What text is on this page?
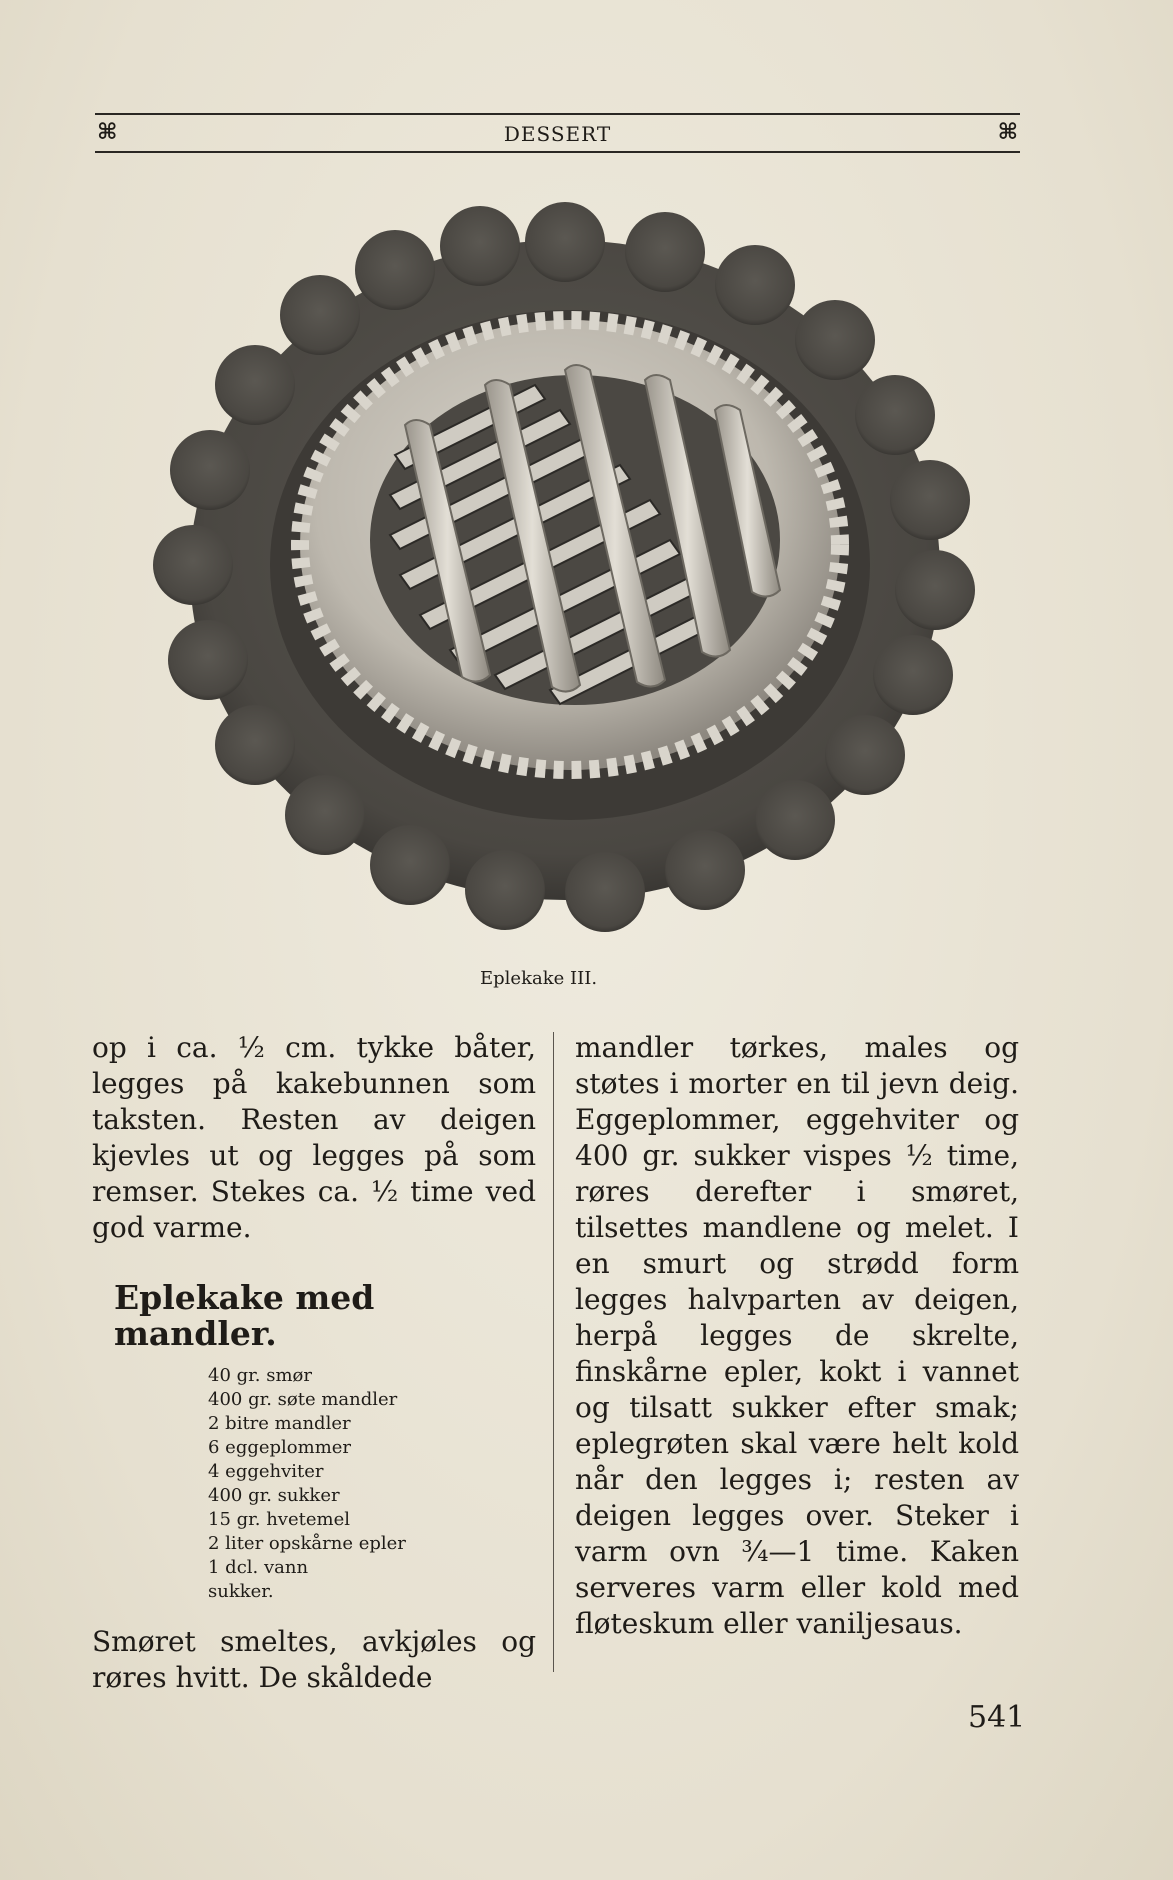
⌘	DESSERT	⌘
Eplekake III.

op i ca. ½ cm. tykke båter, legges på kakebunnen som taksten. Resten av deigen kjevles ut og legges på som remser. Stekes ca. ½ time ved god varme.

Eplekake med mandler.

40 gr. smør
400 gr. søte mandler
2 bitre mandler
6 eggeplommer
4 eggehviter
400 gr. sukker
15 gr. hvetemel
2 liter opskårne epler
1 dcl. vann
sukker.

Smøret smeltes, avkjøles og røres hvitt. De skåldede

mandler tørkes, males og støtes i morter en til jevn deig. Eggeplommer, eggehviter og 400 gr. sukker vispes ½ time, røres derefter i smøret, tilsettes mandlene og melet. I en smurt og strødd form legges halvparten av deigen, herpå legges de skrelte, finskårne epler, kokt i vannet og tilsatt sukker efter smak; eplegrøten skal være helt kold når den legges i; resten av deigen legges over. Steker i varm ovn ¾—1 time. Kaken serveres varm eller kold med fløteskum eller vaniljesaus.

541
